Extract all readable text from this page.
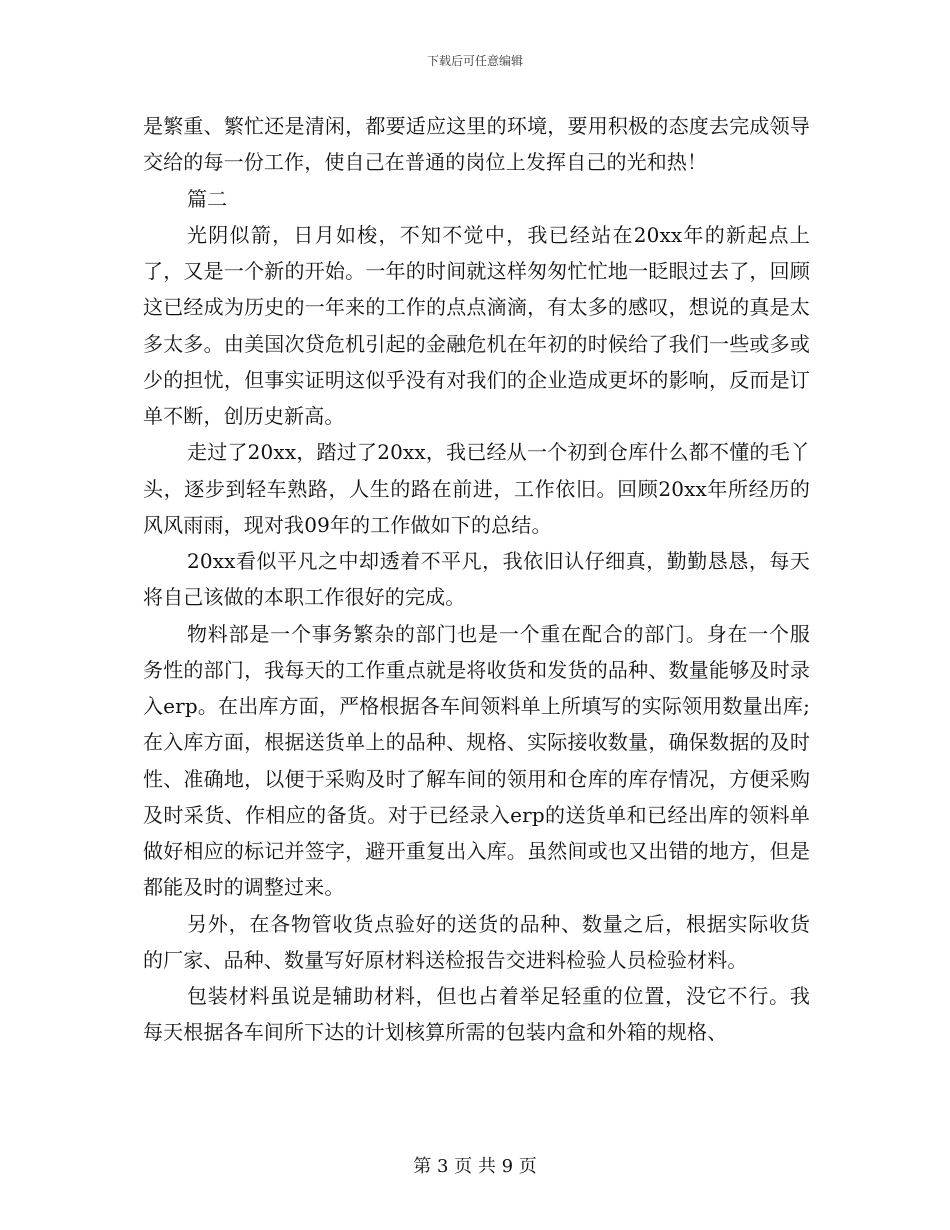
下载后可任意编辑

是繁重、繁忙还是清闲，都要适应这里的环境，要用积极的态度去完成领导交给的每一份工作，使自己在普通的岗位上发挥自己的光和热！

篇二

光阴似箭，日月如梭，不知不觉中，我已经站在20xx年的新起点上了，又是一个新的开始。一年的时间就这样匆匆忙忙地一眨眼过去了，回顾这已经成为历史的一年来的工作的点点滴滴，有太多的感叹，想说的真是太多太多。由美国次贷危机引起的金融危机在年初的时候给了我们一些或多或少的担忧，但事实证明这似乎没有对我们的企业造成更坏的影响，反而是订单不断，创历史新高。

走过了20xx，踏过了20xx，我已经从一个初到仓库什么都不懂的毛丫头，逐步到轻车熟路，人生的路在前进，工作依旧。回顾20xx年所经历的风风雨雨，现对我09年的工作做如下的总结。

20xx看似平凡之中却透着不平凡，我依旧认仔细真，勤勤恳恳，每天将自己该做的本职工作很好的完成。

物料部是一个事务繁杂的部门也是一个重在配合的部门。身在一个服务性的部门，我每天的工作重点就是将收货和发货的品种、数量能够及时录入erp。在出库方面，严格根据各车间领料单上所填写的实际领用数量出库;在入库方面，根据送货单上的品种、规格、实际接收数量，确保数据的及时性、准确地，以便于采购及时了解车间的领用和仓库的库存情况，方便采购及时采货、作相应的备货。对于已经录入erp的送货单和已经出库的领料单做好相应的标记并签字，避开重复出入库。虽然间或也又出错的地方，但是都能及时的调整过来。

另外，在各物管收货点验好的送货的品种、数量之后，根据实际收货的厂家、品种、数量写好原材料送检报告交进料检验人员检验材料。

包装材料虽说是辅助材料，但也占着举足轻重的位置，没它不行。我每天根据各车间所下达的计划核算所需的包装内盒和外箱的规格、

第 3 页 共 9 页
